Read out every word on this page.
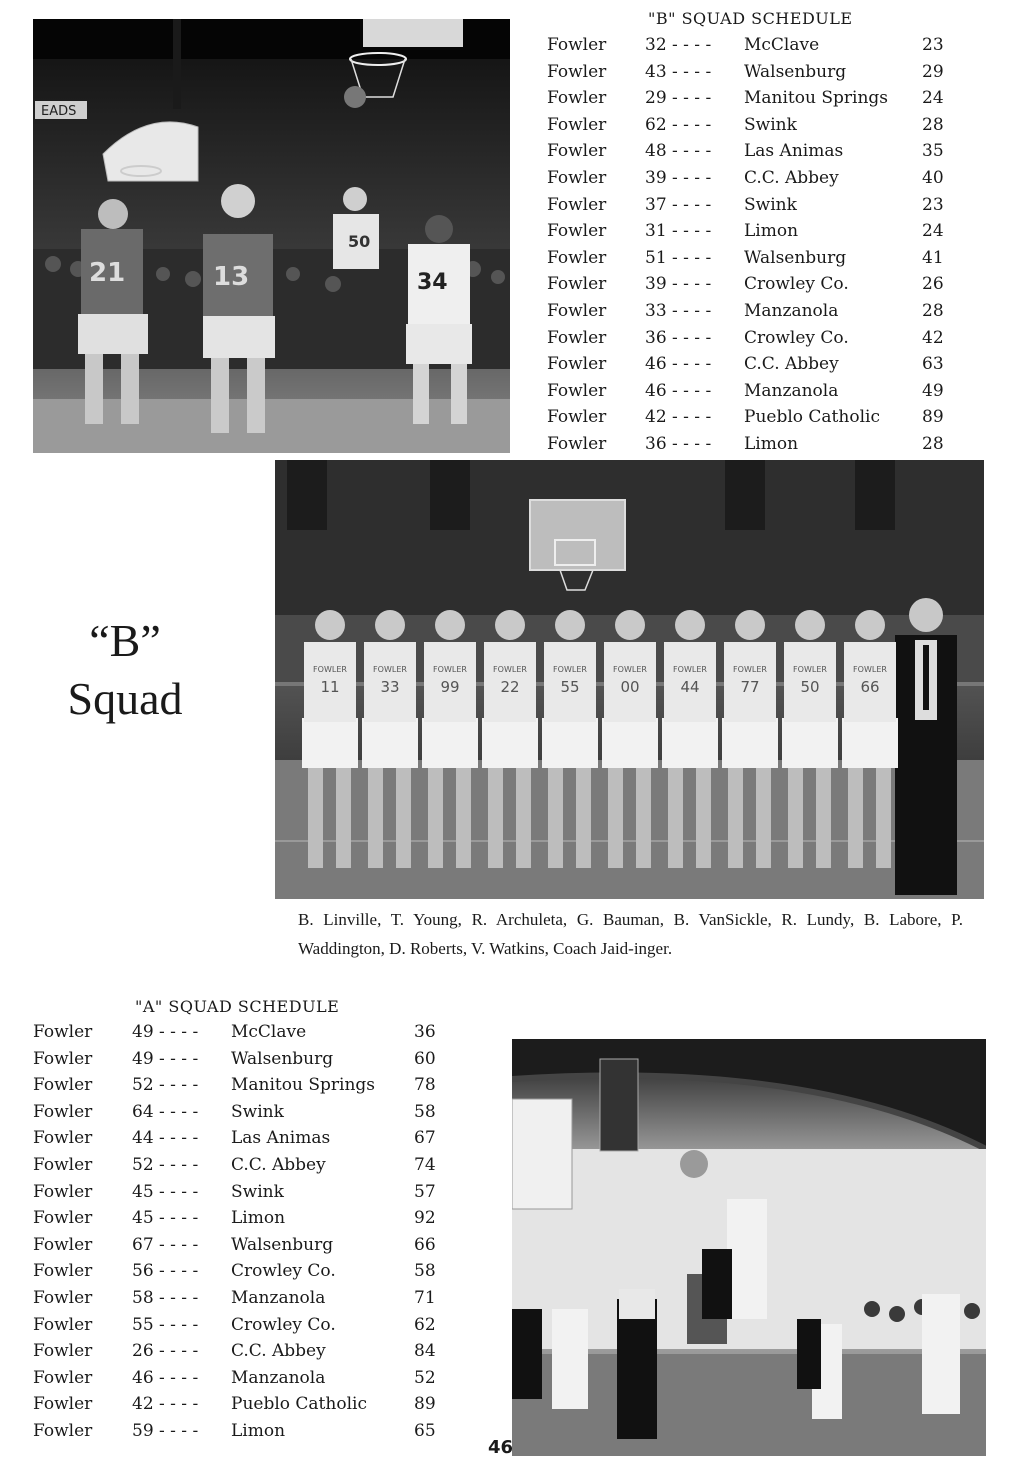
EADS
21	13
50
34
"B" SQUAD SCHEDULE
Fowler 32 - - - - McClave	23
Fowler 43 - - - - Walsenburg	29
Fowler 29 - - - - Manitou Springs 24
Fowler 62 - - - - Swink	28
Fowler 48 - - - - Las Animas	35
Fowler 39 - - - - C.C. Abbey	40
Fowler 37 - - - - Swink	23
Fowler 31 - - - - Limon	24
Fowler 51 - - - - Walsenburg	41
Fowler 39 - - - - Crowley Co.	26
Fowler 33 - - - - Manzanola	28
Fowler 36 - - - - Crowley Co.	42
Fowler 46 - - - - C.C. Abbey	63
Fowler 46 - - - - Manzanola	49
Fowler 42 - - - - Pueblo Catholic 89
Fowler 36 - - - - Limon	28
FOWLER
11
FOWLER
33
FOWLER
99
FOWLER
22
FOWLER
55
FOWLER
00
FOWLER
44
FOWLER
77
FOWLER
50
FOWLER
66
“B”
Squad
B. Linville, T. Young, R. Archuleta, G. Bauman, B. VanSickle, R. Lundy, B. Labore, P. Waddington, D. Roberts, V. Watkins, Coach Jaid-inger.
"A" SQUAD SCHEDULE
Fowler 49 - - - - McClave	36
Fowler 49 - - - - Walsenburg	60
Fowler 52 - - - - Manitou Springs 78
Fowler 64 - - - - Swink	58
Fowler 44 - - - - Las Animas	67
Fowler 52 - - - - C.C. Abbey	74
Fowler 45 - - - - Swink	57
Fowler 45 - - - - Limon	92
Fowler 67 - - - - Walsenburg	66
Fowler 56 - - - - Crowley Co.	58
Fowler 58 - - - - Manzanola	71
Fowler 55 - - - - Crowley Co.	62
Fowler 26 - - - - C.C. Abbey	84
Fowler 46 - - - - Manzanola	52
Fowler 42 - - - - Pueblo Catholic	89
Fowler 59 - - - - Limon	65
46
